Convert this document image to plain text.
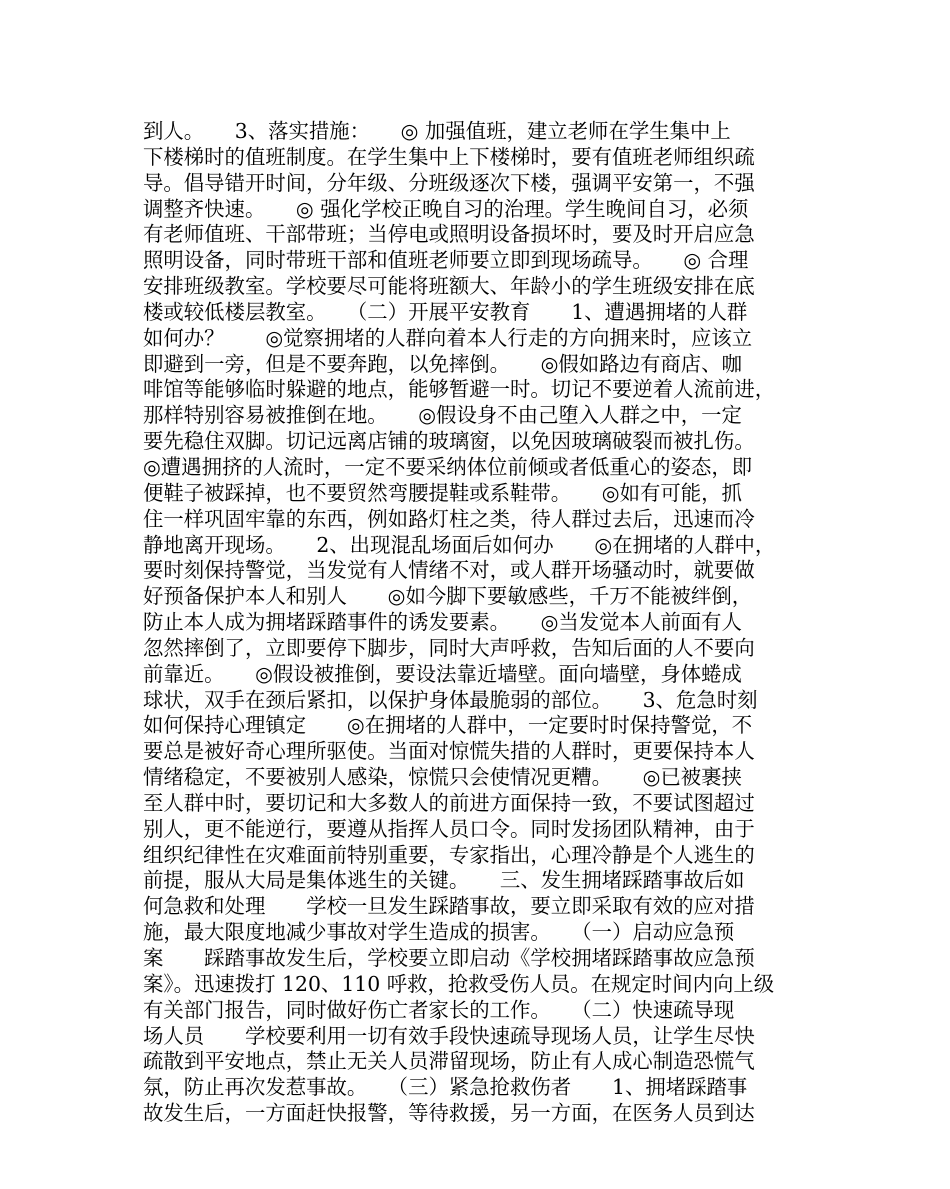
到人。　　3、落实措施：　　◎ 加强值班，建立老师在学生集中上
下楼梯时的值班制度。在学生集中上下楼梯时，要有值班老师组织疏
导。倡导错开时间，分年级、分班级逐次下楼，强调平安第一，不强
调整齐快速。　　◎ 强化学校正晚自习的治理。学生晚间自习，必须
有老师值班、干部带班；当停电或照明设备损坏时，要及时开启应急
照明设备，同时带班干部和值班老师要立即到现场疏导。　　◎ 合理
安排班级教室。学校要尽可能将班额大、年龄小的学生班级安排在底
楼或较低楼层教室。　　（二）开展平安教育　　1、遭遇拥堵的人群
如何办？　　◎觉察拥堵的人群向着本人行走的方向拥来时，应该立
即避到一旁，但是不要奔跑，以免摔倒。　　◎假如路边有商店、咖
啡馆等能够临时躲避的地点，能够暂避一时。切记不要逆着人流前进，
那样特别容易被推倒在地。　　◎假设身不由己堕入人群之中，一定
要先稳住双脚。切记远离店铺的玻璃窗，以免因玻璃破裂而被扎伤。
◎遭遇拥挤的人流时，一定不要采纳体位前倾或者低重心的姿态，即
便鞋子被踩掉，也不要贸然弯腰提鞋或系鞋带。　　◎如有可能，抓
住一样巩固牢靠的东西，例如路灯柱之类，待人群过去后，迅速而冷
静地离开现场。　　2、出现混乱场面后如何办　　◎在拥堵的人群中，
要时刻保持警觉，当发觉有人情绪不对，或人群开场骚动时，就要做
好预备保护本人和别人　　◎如今脚下要敏感些，千万不能被绊倒，
防止本人成为拥堵踩踏事件的诱发要素。　　◎当发觉本人前面有人
忽然摔倒了，立即要停下脚步，同时大声呼救，告知后面的人不要向
前靠近。　　◎假设被推倒，要设法靠近墙壁。面向墙壁，身体蜷成
球状，双手在颈后紧扣，以保护身体最脆弱的部位。　　3、危急时刻
如何保持心理镇定　　◎在拥堵的人群中，一定要时时保持警觉，不
要总是被好奇心理所驱使。当面对惊慌失措的人群时，更要保持本人
情绪稳定，不要被别人感染，惊慌只会使情况更糟。　　◎已被裹挟
至人群中时，要切记和大多数人的前进方面保持一致，不要试图超过
别人，更不能逆行，要遵从指挥人员口令。同时发扬团队精神，由于
组织纪律性在灾难面前特别重要，专家指出，心理冷静是个人逃生的
前提，服从大局是集体逃生的关键。　　三、发生拥堵踩踏事故后如
何急救和处理　　学校一旦发生踩踏事故，要立即采取有效的应对措
施，最大限度地减少事故对学生造成的损害。　　（一）启动应急预
案　　踩踏事故发生后，学校要立即启动《学校拥堵踩踏事故应急预
案》。迅速拨打 120、110 呼救，抢救受伤人员。在规定时间内向上级
有关部门报告，同时做好伤亡者家长的工作。　　（二）快速疏导现
场人员　　学校要利用一切有效手段快速疏导现场人员，让学生尽快
疏散到平安地点，禁止无关人员滞留现场，防止有人成心制造恐慌气
氛，防止再次发惹事故。　　（三）紧急抢救伤者　　1、拥堵踩踏事
故发生后，一方面赶快报警，等待救援，另一方面，在医务人员到达
